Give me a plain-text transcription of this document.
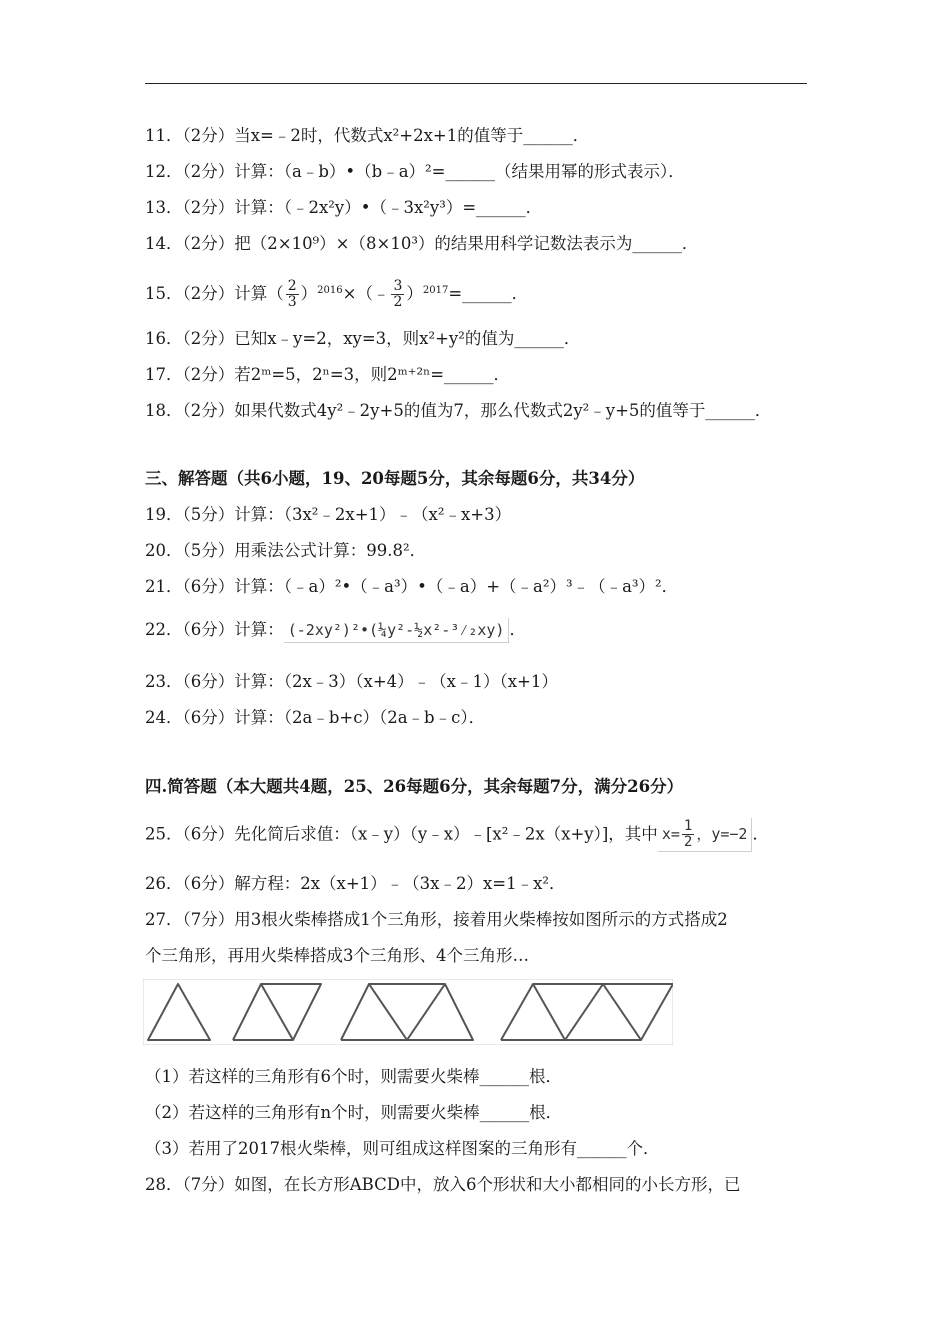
11．（2分）当x=﹣2时，代数式x²+2x+1的值等于______．
12．（2分）计算：（a﹣b）•（b﹣a）²=______（结果用幂的形式表示）．
13．（2分）计算：（﹣2x²y）•（﹣3x²y³）=______．
14．（2分）把（2×10⁹）×（8×10³）的结果用科学记数法表示为______．
15．（2分）计算（ $\frac{2}{3}$ ）$^{2016}$×（﹣ $\frac{3}{2}$ ）$^{2017}$=______．
16．（2分）已知x﹣y=2，xy=3，则x²+y²的值为______．
17．（2分）若2ᵐ=5，2ⁿ=3，则2ᵐ⁺²ⁿ=______．
18．（2分）如果代数式4y²﹣2y+5的值为7，那么代数式2y²﹣y+5的值等于______．
三、解答题（共6小题，19、20每题5分，其余每题6分，共34分）
19．（5分）计算：（3x²﹣2x+1）﹣（x²﹣x+3）
20．（5分）用乘法公式计算：99.8²．
21．（6分）计算：（﹣a）²•（﹣a³）•（﹣a）+（﹣a²）³﹣（﹣a³）²．
22．（6分）计算： (-2xy²)²•(¼y²-½x²-³⁄₂xy) ．
23．（6分）计算：（2x﹣3）（x+4）﹣（x﹣1）（x+1）
24．（6分）计算：（2a﹣b+c）（2a﹣b﹣c）．
四.简答题（本大题共4题，25、26每题6分，其余每题7分，满分26分）
25．（6分）先化简后求值：（x﹣y）（y﹣x）﹣[x²﹣2x（x+y）]，其中 $x= \frac{1}{2}$ ，y=−2 ．
26．（6分）解方程：2x（x+1）﹣（3x﹣2）x=1﹣x²．
27．（7分）用3根火柴棒搭成1个三角形，接着用火柴棒按如图所示的方式搭成2
个三角形，再用火柴棒搭成3个三角形、4个三角形…
（1）若这样的三角形有6个时，则需要火柴棒______根．
（2）若这样的三角形有n个时，则需要火柴棒______根．
（3）若用了2017根火柴棒，则可组成这样图案的三角形有______个．
28．（7分）如图，在长方形ABCD中，放入6个形状和大小都相同的小长方形，已
